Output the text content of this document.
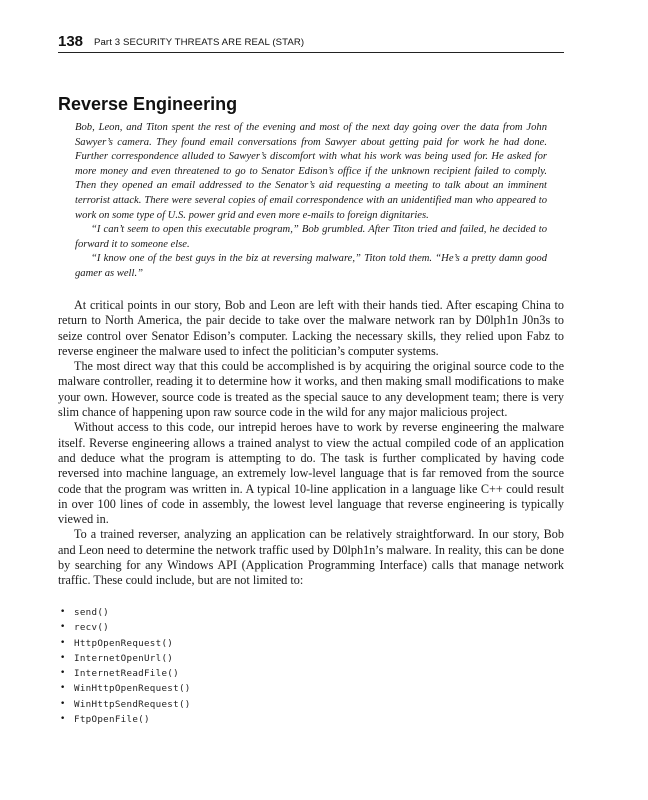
138 Part 3 SECURITY THREATS ARE REAL (STAR)
Reverse Engineering

Bob, Leon, and Titon spent the rest of the evening and most of the next day going over the data from John Sawyer’s camera. They found email conversations from Sawyer about getting paid for work he had done. Further correspondence alluded to Sawyer’s discomfort with what his work was being used for. He asked for more money and even threatened to go to Senator Edison’s office if the unknown recipient failed to comply. Then they opened an email addressed to the Senator’s aid requesting a meeting to talk about an imminent terrorist attack. There were several copies of email correspondence with an unidentified man who appeared to work on some type of U.S. power grid and even more e-mails to foreign dignitaries.

“I can’t seem to open this executable program,” Bob grumbled. After Titon tried and failed, he decided to forward it to someone else.

“I know one of the best guys in the biz at reversing malware,” Titon told them. “He’s a pretty damn good gamer as well.”

At critical points in our story, Bob and Leon are left with their hands tied. After escaping China to return to North America, the pair decide to take over the malware network ran by D0lph1n J0n3s to seize control over Senator Edison’s computer. Lacking the necessary skills, they relied upon Fabz to reverse engineer the malware used to infect the politician’s computer systems.

The most direct way that this could be accomplished is by acquiring the original source code to the malware controller, reading it to determine how it works, and then making small modifications to make your own. However, source code is treated as the special sauce to any development team; there is very slim chance of happening upon raw source code in the wild for any major malicious project.

Without access to this code, our intrepid heroes have to work by reverse engineering the malware itself. Reverse engineering allows a trained analyst to view the actual compiled code of an application and deduce what the program is attempting to do. The task is further complicated by having code reversed into machine language, an extremely low-level language that is far removed from the source code that the program was written in. A typical 10-line application in a language like C++ could result in over 100 lines of code in assembly, the lowest level language that reverse engineering is typically viewed in.

To a trained reverser, analyzing an application can be relatively straightforward. In our story, Bob and Leon need to determine the network traffic used by D0lph1n’s malware. In reality, this can be done by searching for any Windows API (Application Programming Interface) calls that manage network traffic. These could include, but are not limited to:

• send()
• recv()
• HttpOpenRequest()
• InternetOpenUrl()
• InternetReadFile()
• WinHttpOpenRequest()
• WinHttpSendRequest()
• FtpOpenFile()
